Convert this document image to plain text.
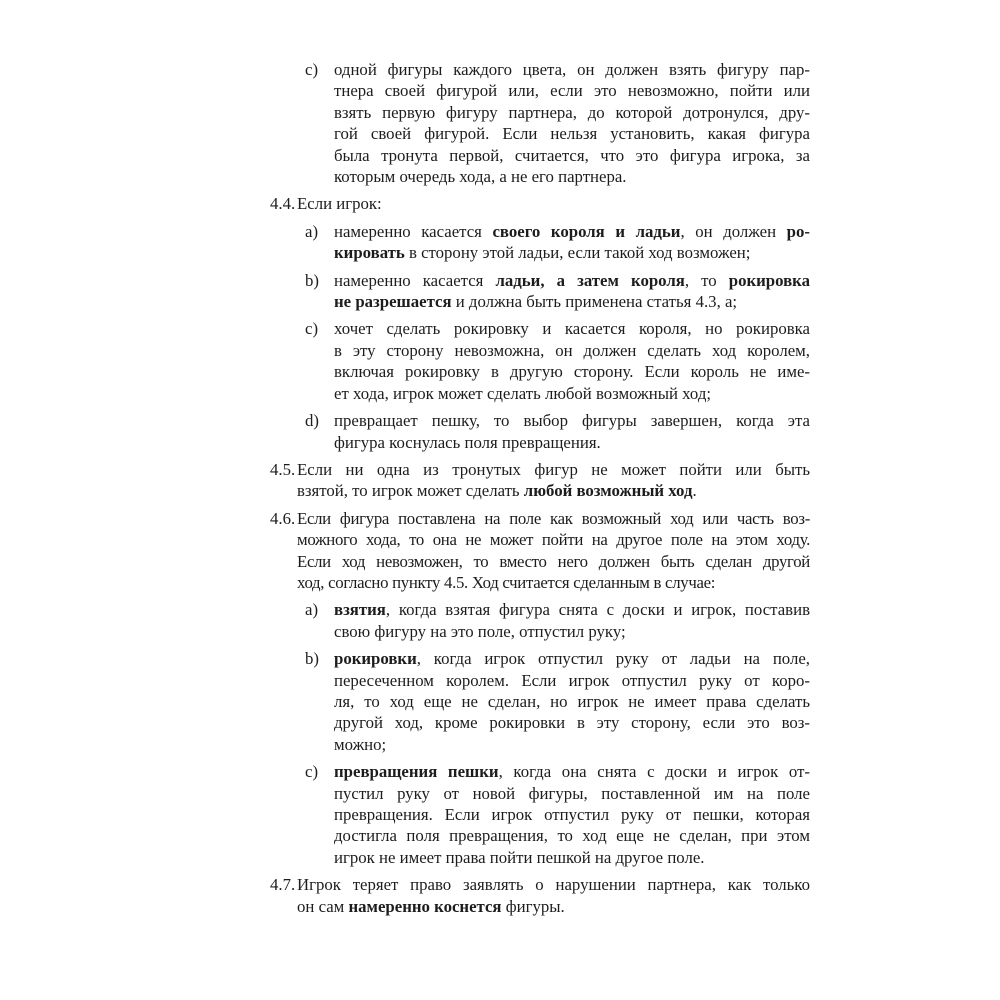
c) одной фигуры каждого цвета, он должен взять фигуру пар-
тнера своей фигурой или, если это невозможно, пойти или
взять первую фигуру партнера, до которой дотронулся, дру-
гой своей фигурой. Если нельзя установить, какая фигура
была тронута первой, считается, что это фигура игрока, за
которым очередь хода, а не его партнера.
4.4. Если игрок:
a) намеренно касается своего короля и ладьи, он должен ро-
кировать в сторону этой ладьи, если такой ход возможен;
b) намеренно касается ладьи, а затем короля, то рокировка
не разрешается и должна быть применена статья 4.3, а;
c) хочет сделать рокировку и касается короля, но рокировка
в эту сторону невозможна, он должен сделать ход королем,
включая рокировку в другую сторону. Если король не име-
ет хода, игрок может сделать любой возможный ход;
d) превращает пешку, то выбор фигуры завершен, когда эта
фигура коснулась поля превращения.
4.5. Если ни одна из тронутых фигур не может пойти или быть
взятой, то игрок может сделать любой возможный ход.
4.6. Если фигура поставлена на поле как возможный ход или часть воз-
можного хода, то она не может пойти на другое поле на этом ходу.
Если ход невозможен, то вместо него должен быть сделан другой
ход, согласно пункту 4.5. Ход считается сделанным в случае:
a) взятия, когда взятая фигура снята с доски и игрок, поставив
свою фигуру на это поле, отпустил руку;
b) рокировки, когда игрок отпустил руку от ладьи на поле,
пересеченном королем. Если игрок отпустил руку от коро-
ля, то ход еще не сделан, но игрок не имеет права сделать
другой ход, кроме рокировки в эту сторону, если это воз-
можно;
c) превращения пешки, когда она снята с доски и игрок от-
пустил руку от новой фигуры, поставленной им на поле
превращения. Если игрок отпустил руку от пешки, которая
достигла поля превращения, то ход еще не сделан, при этом
игрок не имеет права пойти пешкой на другое поле.
4.7. Игрок теряет право заявлять о нарушении партнера, как только
он сам намеренно коснется фигуры.
